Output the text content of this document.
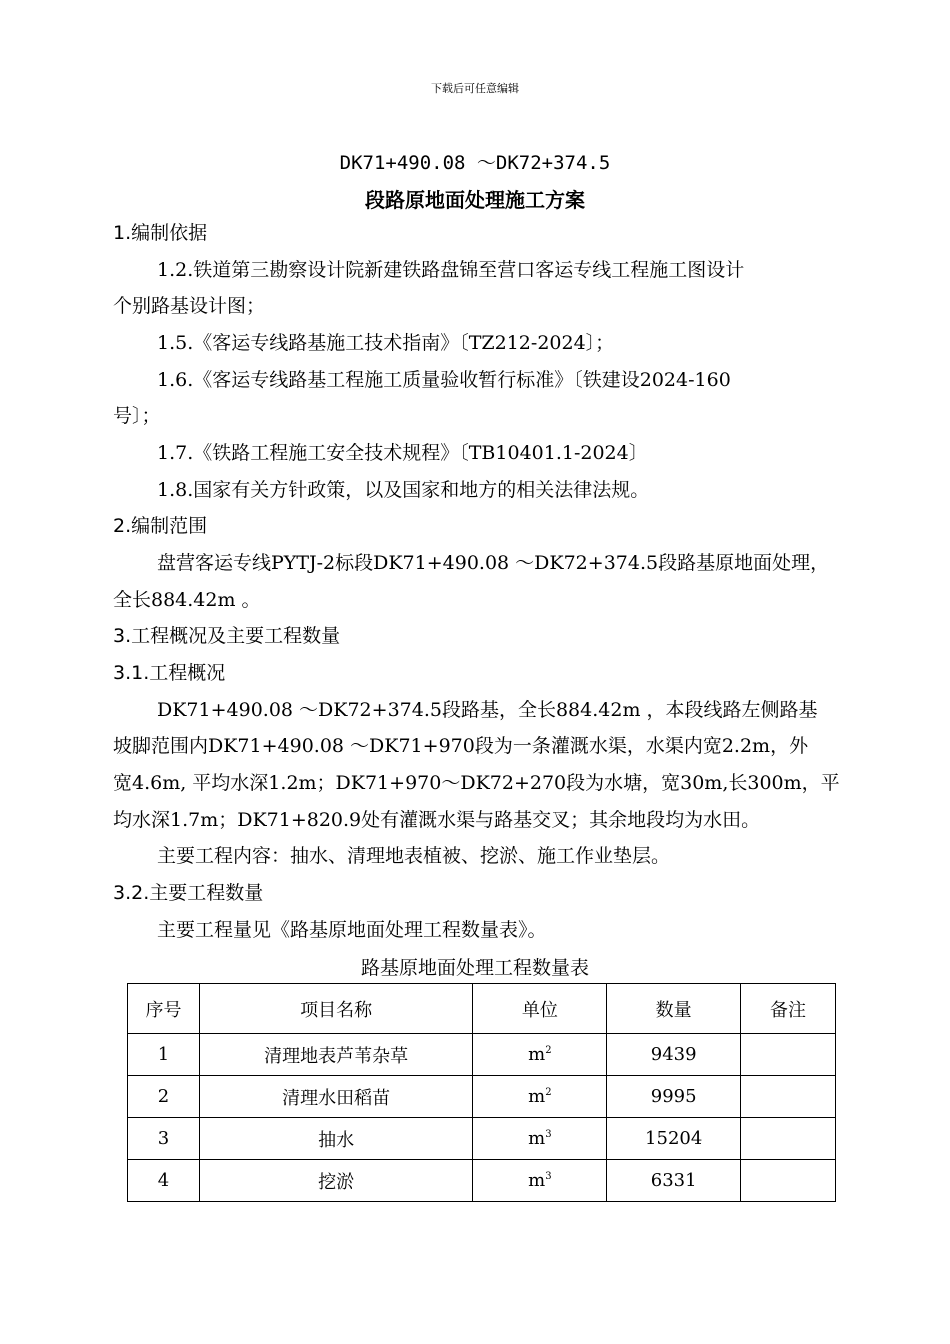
下载后可任意编辑
DK71+490.08 ～DK72+374.5
段路原地面处理施工方案
1.编制依据
1.2.铁道第三勘察设计院新建铁路盘锦至营口客运专线工程施工图设计
个别路基设计图；
1.5.《客运专线路基施工技术指南》〔TZ212-2024〕；
1.6.《客运专线路基工程施工质量验收暂行标准》〔铁建设2024-160
号〕；
1.7.《铁路工程施工安全技术规程》〔TB10401.1-2024〕
1.8.国家有关方针政策，以及国家和地方的相关法律法规。
2.编制范围
盘营客运专线PYTJ-2标段DK71+490.08 ～DK72+374.5段路基原地面处理，
全长884.42m 。
3.工程概况及主要工程数量
3.1.工程概况
DK71+490.08 ～DK72+374.5段路基，全长884.42m ，本段线路左侧路基
坡脚范围内DK71+490.08 ～DK71+970段为一条灌溉水渠，水渠内宽2.2m，外
宽4.6m, 平均水深1.2m；DK71+970～DK72+270段为水塘，宽30m,长300m，平
均水深1.7m；DK71+820.9处有灌溉水渠与路基交叉；其余地段均为水田。
主要工程内容：抽水、清理地表植被、挖淤、施工作业垫层。
3.2.主要工程数量
主要工程量见《路基原地面处理工程数量表》。
路基原地面处理工程数量表
序号	项目名称	单位	数量	备注
1	清理地表芦苇杂草	$m^2$	9439	
2	清理水田稻苗	$m^2$	9995	
3	抽水	$m^3$	15204	
4	挖淤	$m^3$	6331	
